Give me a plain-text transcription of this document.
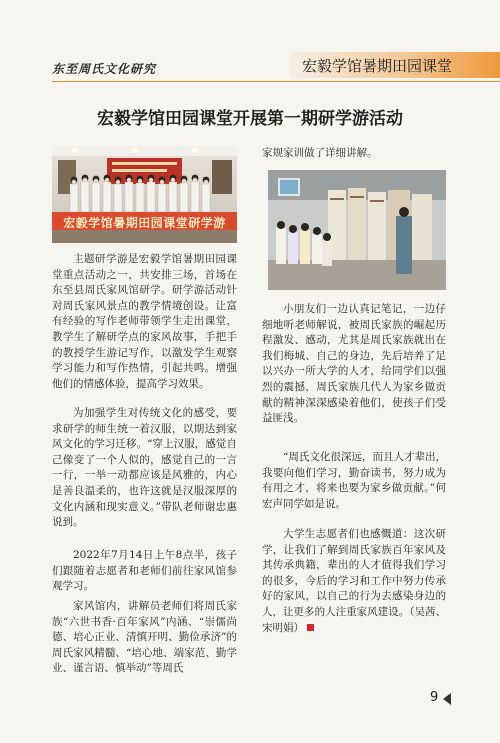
东至周氏文化研究	宏毅学馆暑期田园课堂
宏毅学馆田园课堂开展第一期研学游活动
宏毅学馆暑期田园课堂研学游

主题研学游是宏毅学馆暑期田园课堂重点活动之一，共安排三场，首场在东至县周氏家风馆研学。研学游活动针对周氏家风景点的教学情境创设。让富有经验的写作老师带领学生走出课堂，教学生了解研学点的家风故事，手把手的教授学生游记写作，以激发学生观察学习能力和写作热情，引起共鸣。增强他们的情感体验，提高学习效果。

为加强学生对传统文化的感受，要求研学的师生统一着汉服，以期达到家风文化的学习迁移。“穿上汉服，感觉自己像变了一个人似的，感觉自己的一言一行，一举一动都应该是风雅的，内心是善良温柔的，也许这就是汉服深厚的文化内涵和现实意义。”带队老师谢忠惠说到。

2022年7月14日上午8点半，孩子们跟随着志愿者和老师们前往家风馆参观学习。

家风馆内，讲解员老师们将周氏家族“六世书香·百年家风”内涵、“崇儒尚德、培心正业、清慎开明、勤俭承济”的周氏家风精髓、“培心地、端家范、勤学业、谨言语、慎举动”等周氏

家规家训做了详细讲解。

小朋友们一边认真记笔记，一边仔细地听老师解说，被周氏家族的崛起历程激发、感动，尤其是周氏家族就出在我们梅城、自己的身边，先后培养了足以兴办一所大学的人才，给同学们以强烈的震撼，周氏家族几代人为家乡做贡献的精神深深感染着他们，使孩子们受益匪浅。

“周氏文化很深远，而且人才辈出，我要向他们学习，勤奋读书，努力成为有用之才，将来也要为家乡做贡献。”何宏声同学如是说。

大学生志愿者们也感慨道：这次研学，让我们了解到周氏家族百年家风及其传承典籍，辈出的人才值得我们学习的很多，今后的学习和工作中努力传承好的家风，以自己的行为去感染身边的人，让更多的人注重家风建设。（吴茜、宋明娟）
9
